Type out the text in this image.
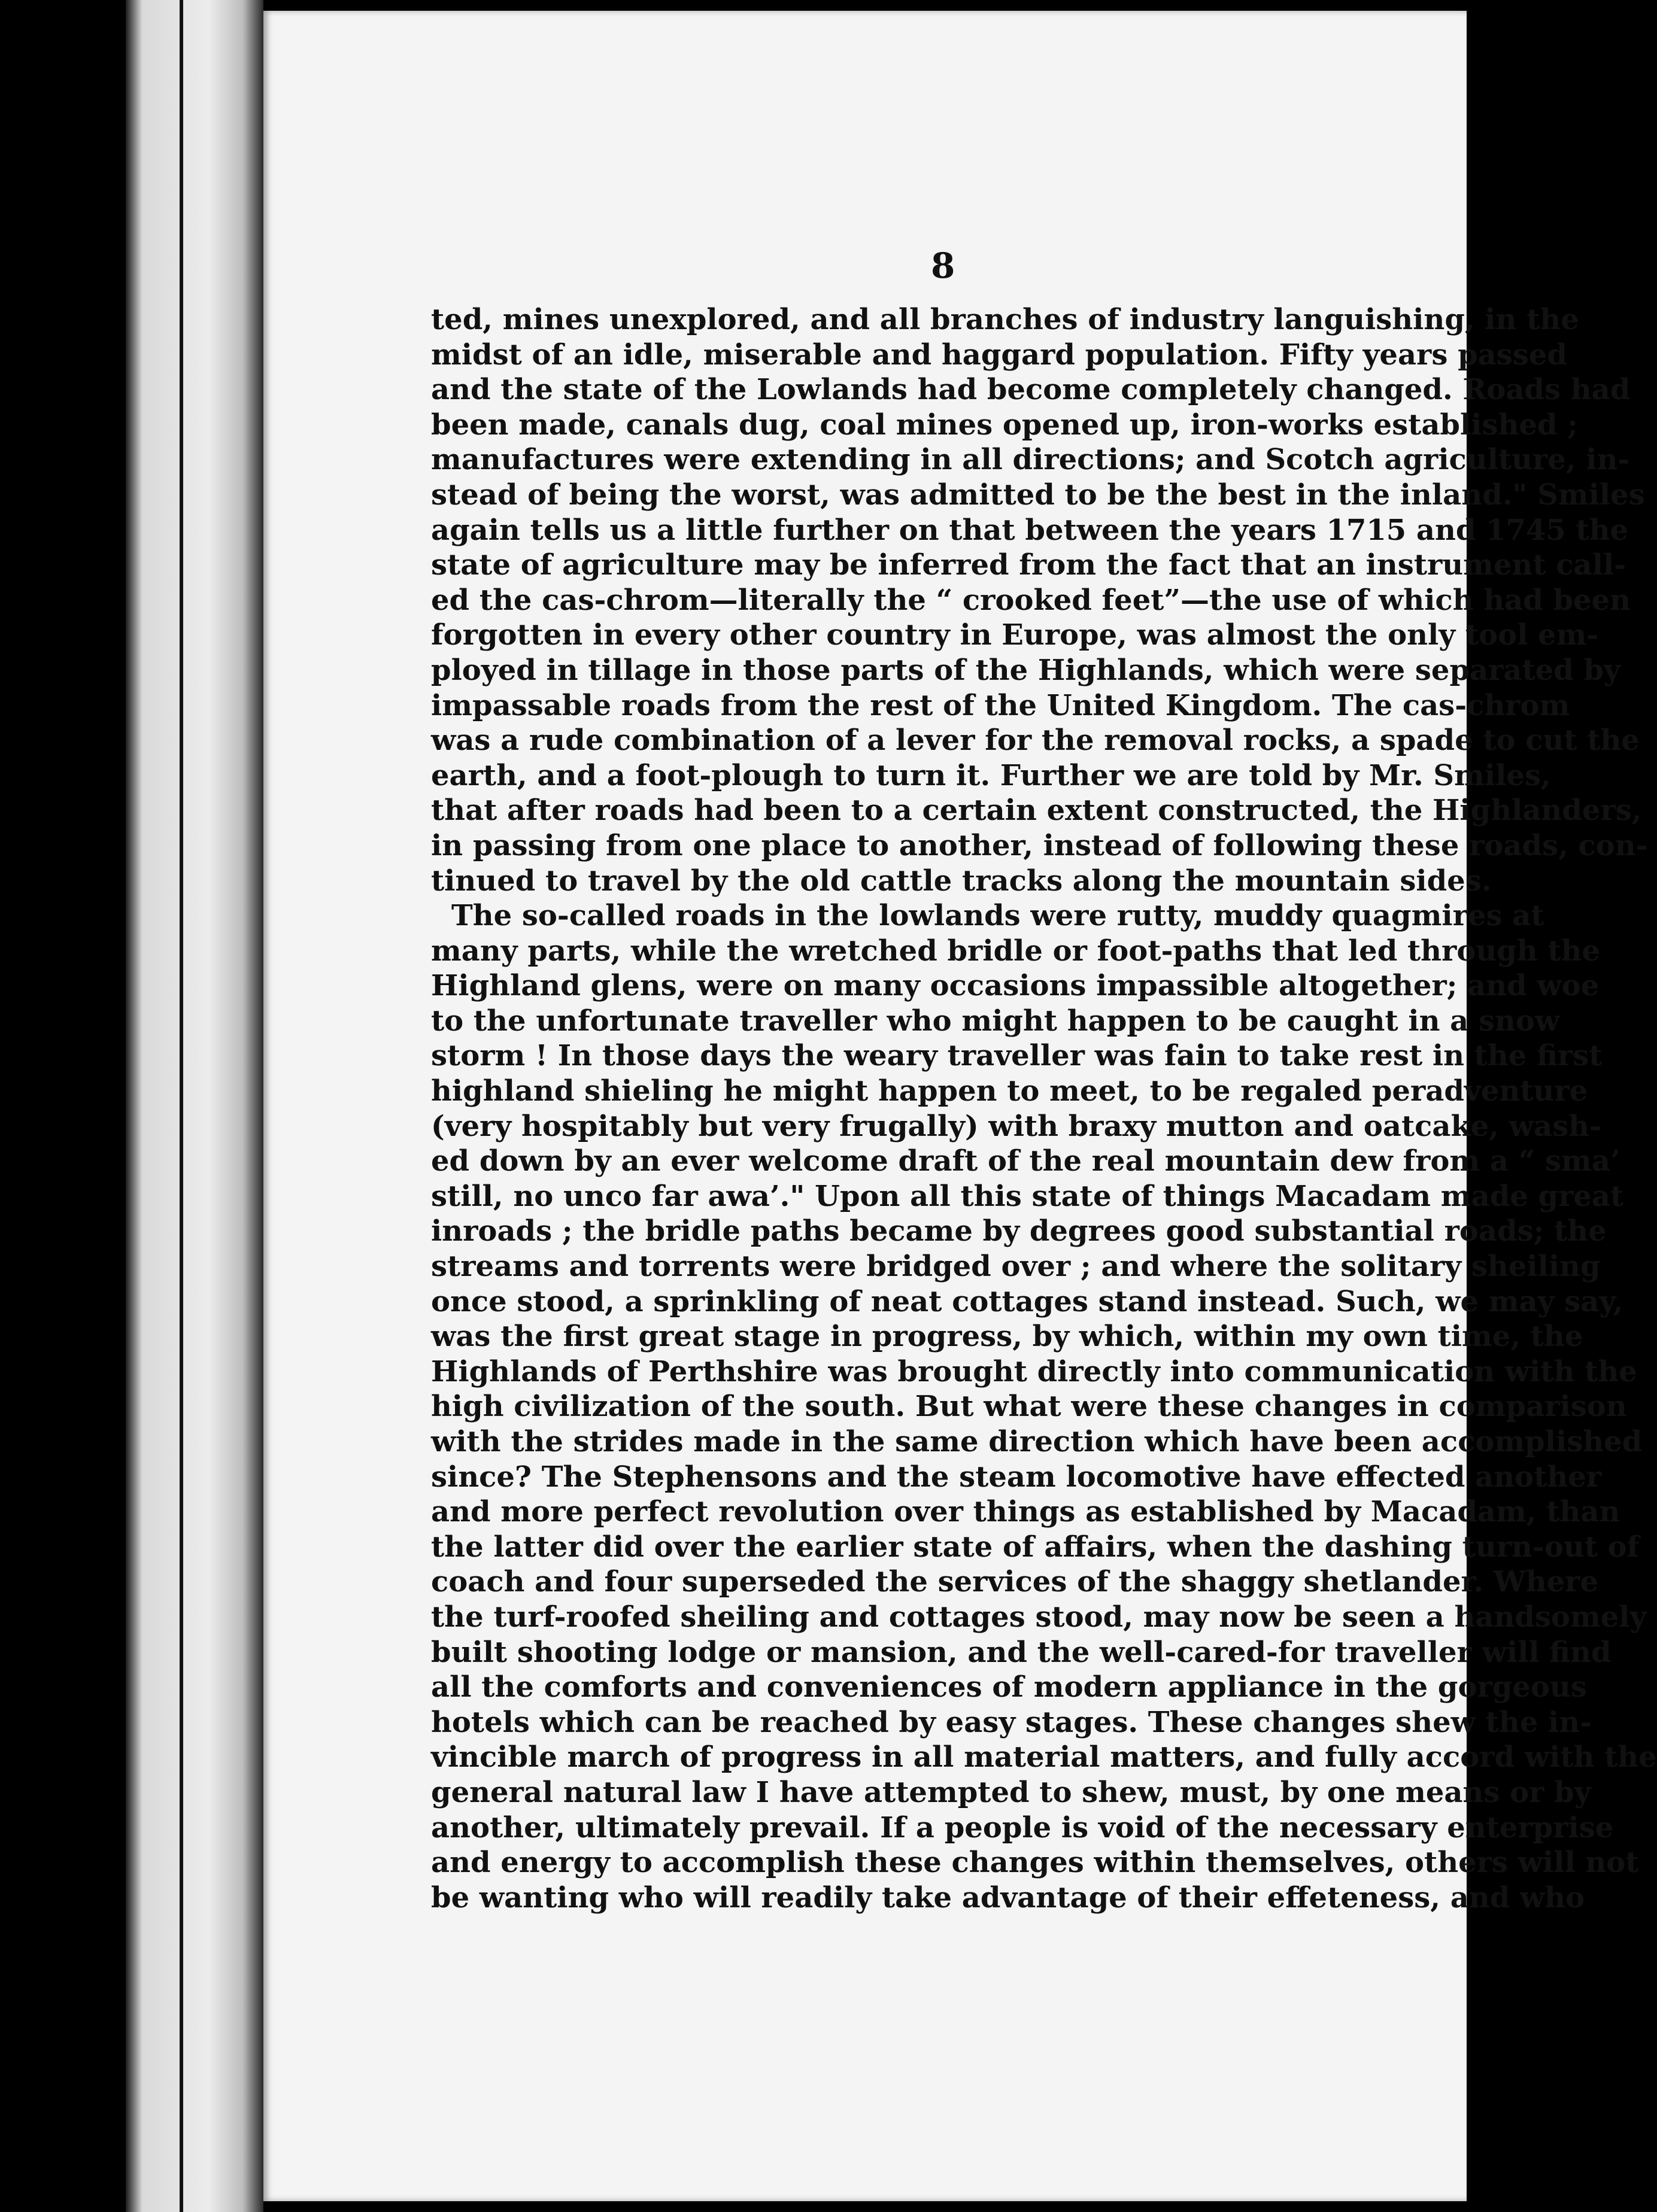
8
ted, mines unexplored, and all branches of industry languishing, in the
midst of an idle, miserable and haggard population. Fifty years passed
and the state of the Lowlands had become completely changed. Roads had
been made, canals dug, coal mines opened up, iron-works established ;
manufactures were extending in all directions; and Scotch agriculture, in-
stead of being the worst, was admitted to be the best in the inland." Smiles
again tells us a little further on that between the years 1715 and 1745 the
state of agriculture may be inferred from the fact that an instrument call-
ed the cas-chrom—literally the “ crooked feet”—the use of which had been
forgotten in every other country in Europe, was almost the only tool em-
ployed in tillage in those parts of the Highlands, which were separated by
impassable roads from the rest of the United Kingdom. The cas-chrom
was a rude combination of a lever for the removal rocks, a spade to cut the
earth, and a foot-plough to turn it. Further we are told by Mr. Smiles,
that after roads had been to a certain extent constructed, the Highlanders,
in passing from one place to another, instead of following these roads, con-
tinued to travel by the old cattle tracks along the mountain sides.
The so-called roads in the lowlands were rutty, muddy quagmires at
many parts, while the wretched bridle or foot-paths that led through the
Highland glens, were on many occasions impassible altogether; and woe
to the unfortunate traveller who might happen to be caught in a snow
storm ! In those days the weary traveller was fain to take rest in the first
highland shieling he might happen to meet, to be regaled peradventure
(very hospitably but very frugally) with braxy mutton and oatcake, wash-
ed down by an ever welcome draft of the real mountain dew from a “ sma’
still, no unco far awa’." Upon all this state of things Macadam made great
inroads ; the bridle paths became by degrees good substantial roads; the
streams and torrents were bridged over ; and where the solitary sheiling
once stood, a sprinkling of neat cottages stand instead. Such, we may say,
was the first great stage in progress, by which, within my own time, the
Highlands of Perthshire was brought directly into communication with the
high civilization of the south. But what were these changes in comparison
with the strides made in the same direction which have been accomplished
since? The Stephensons and the steam locomotive have effected another
and more perfect revolution over things as established by Macadam, than
the latter did over the earlier state of affairs, when the dashing turn-out of
coach and four superseded the services of the shaggy shetlander. Where
the turf-roofed sheiling and cottages stood, may now be seen a handsomely
built shooting lodge or mansion, and the well-cared-for traveller will find
all the comforts and conveniences of modern appliance in the gorgeous
hotels which can be reached by easy stages. These changes shew the in-
vincible march of progress in all material matters, and fully accord with the
general natural law I have attempted to shew, must, by one means or by
another, ultimately prevail. If a people is void of the necessary enterprise
and energy to accomplish these changes within themselves, others will not
be wanting who will readily take advantage of their effeteness, and who
